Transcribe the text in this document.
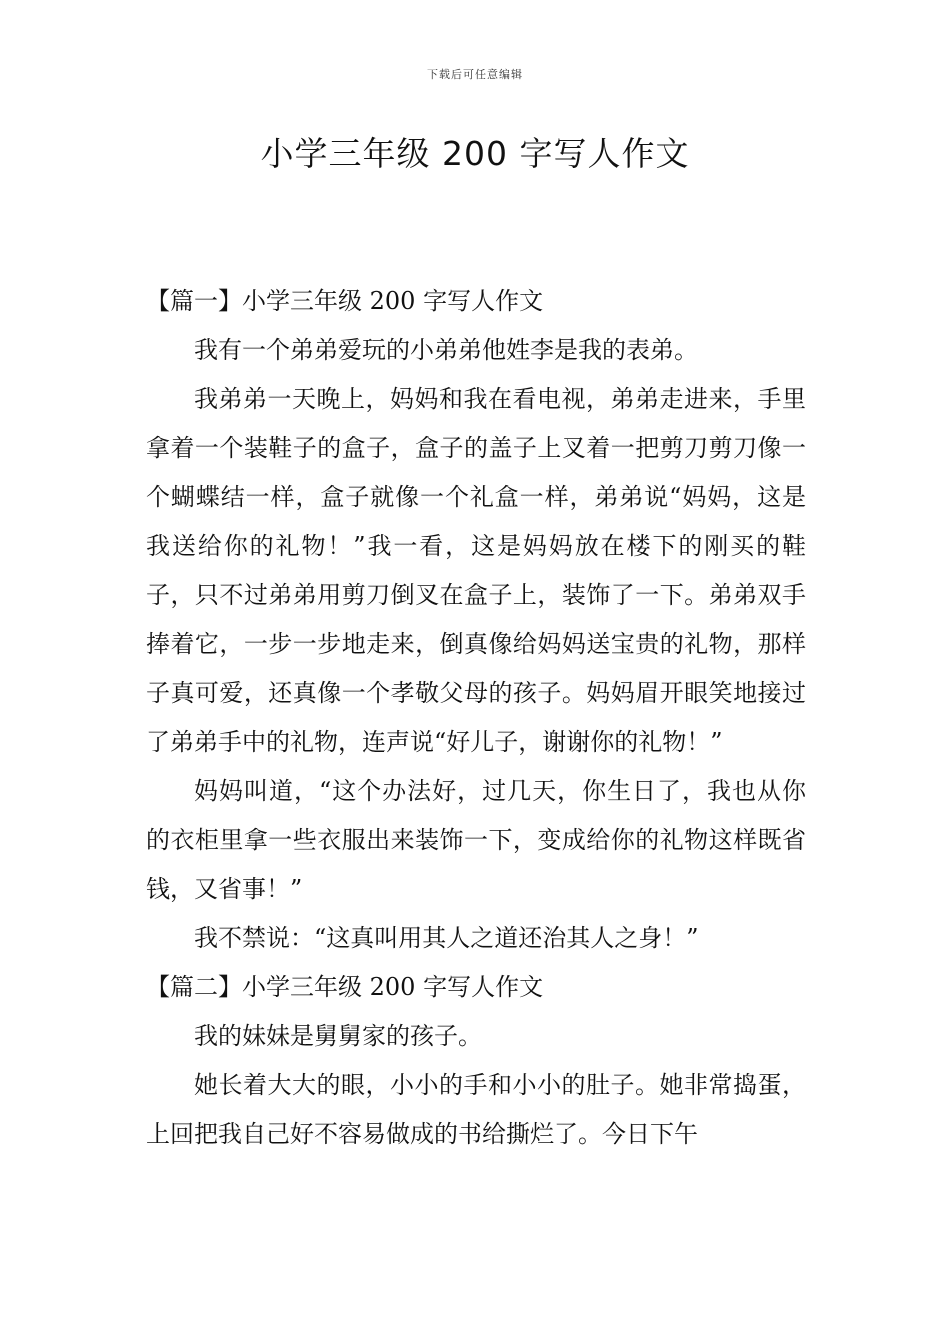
下载后可任意编辑
小学三年级 200 字写人作文

【篇一】小学三年级 200 字写人作文

我有一个弟弟爱玩的小弟弟他姓李是我的表弟。

我弟弟一天晚上，妈妈和我在看电视，弟弟走进来，手里拿着一个装鞋子的盒子，盒子的盖子上叉着一把剪刀剪刀像一个蝴蝶结一样，盒子就像一个礼盒一样，弟弟说“妈妈，这是我送给你的礼物！”我一看，这是妈妈放在楼下的刚买的鞋子，只不过弟弟用剪刀倒叉在盒子上，装饰了一下。弟弟双手捧着它，一步一步地走来，倒真像给妈妈送宝贵的礼物，那样子真可爱，还真像一个孝敬父母的孩子。妈妈眉开眼笑地接过了弟弟手中的礼物，连声说“好儿子，谢谢你的礼物！”

妈妈叫道，“这个办法好，过几天，你生日了，我也从你的衣柜里拿一些衣服出来装饰一下，变成给你的礼物这样既省钱，又省事！”

我不禁说：“这真叫用其人之道还治其人之身！”

【篇二】小学三年级 200 字写人作文

我的妹妹是舅舅家的孩子。

她长着大大的眼，小小的手和小小的肚子。她非常捣蛋，上回把我自己好不容易做成的书给撕烂了。今日下午
